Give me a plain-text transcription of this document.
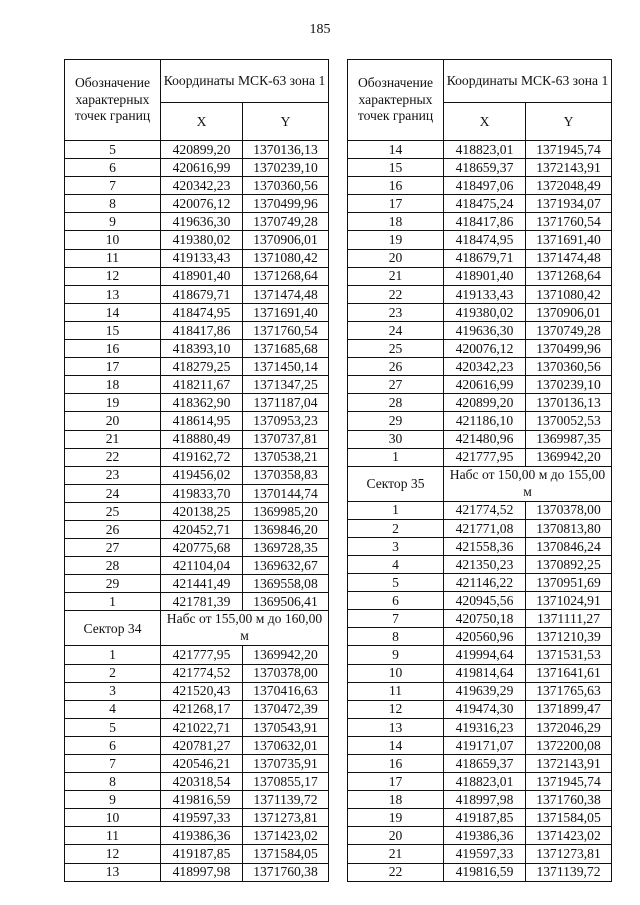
185
Обозначение характерных точек границ	Координаты МСК-63 зона 1	
	X	Y
5	420899,20	1370136,13
6	420616,99	1370239,10
7	420342,23	1370360,56
8	420076,12	1370499,96
9	419636,30	1370749,28
10	419380,02	1370906,01
11	419133,43	1371080,42
12	418901,40	1371268,64
13	418679,71	1371474,48
14	418474,95	1371691,40
15	418417,86	1371760,54
16	418393,10	1371685,68
17	418279,25	1371450,14
18	418211,67	1371347,25
19	418362,90	1371187,04
20	418614,95	1370953,23
21	418880,49	1370737,81
22	419162,72	1370538,21
23	419456,02	1370358,83
24	419833,70	1370144,74
25	420138,25	1369985,20
26	420452,71	1369846,20
27	420775,68	1369728,35
28	421104,04	1369632,67
29	421441,49	1369558,08
1	421781,39	1369506,41
Сектор 34	Набс от 155,00 м до 160,00 м	

1	421777,95	1369942,20
2	421774,52	1370378,00
3	421520,43	1370416,63
4	421268,17	1370472,39
5	421022,71	1370543,91
6	420781,27	1370632,01
7	420546,21	1370735,91
8	420318,54	1370855,17
9	419816,59	1371139,72
10	419597,33	1371273,81
11	419386,36	1371423,02
12	419187,85	1371584,05
13	418997,98	1371760,38
Обозначение характерных точек границ	Координаты МСК-63 зона 1	
	X	Y
14	418823,01	1371945,74
15	418659,37	1372143,91
16	418497,06	1372048,49
17	418475,24	1371934,07
18	418417,86	1371760,54
19	418474,95	1371691,40
20	418679,71	1371474,48
21	418901,40	1371268,64
22	419133,43	1371080,42
23	419380,02	1370906,01
24	419636,30	1370749,28
25	420076,12	1370499,96
26	420342,23	1370360,56
27	420616,99	1370239,10
28	420899,20	1370136,13
29	421186,10	1370052,53
30	421480,96	1369987,35
1	421777,95	1369942,20
Сектор 35	Набс от 150,00 м до 155,00 м	

1	421774,52	1370378,00
2	421771,08	1370813,80
3	421558,36	1370846,24
4	421350,23	1370892,25
5	421146,22	1370951,69
6	420945,56	1371024,91
7	420750,18	1371111,27
8	420560,96	1371210,39
9	419994,64	1371531,53
10	419814,64	1371641,61
11	419639,29	1371765,63
12	419474,30	1371899,47
13	419316,23	1372046,29
14	419171,07	1372200,08
16	418659,37	1372143,91
17	418823,01	1371945,74
18	418997,98	1371760,38
19	419187,85	1371584,05
20	419386,36	1371423,02
21	419597,33	1371273,81
22	419816,59	1371139,72
